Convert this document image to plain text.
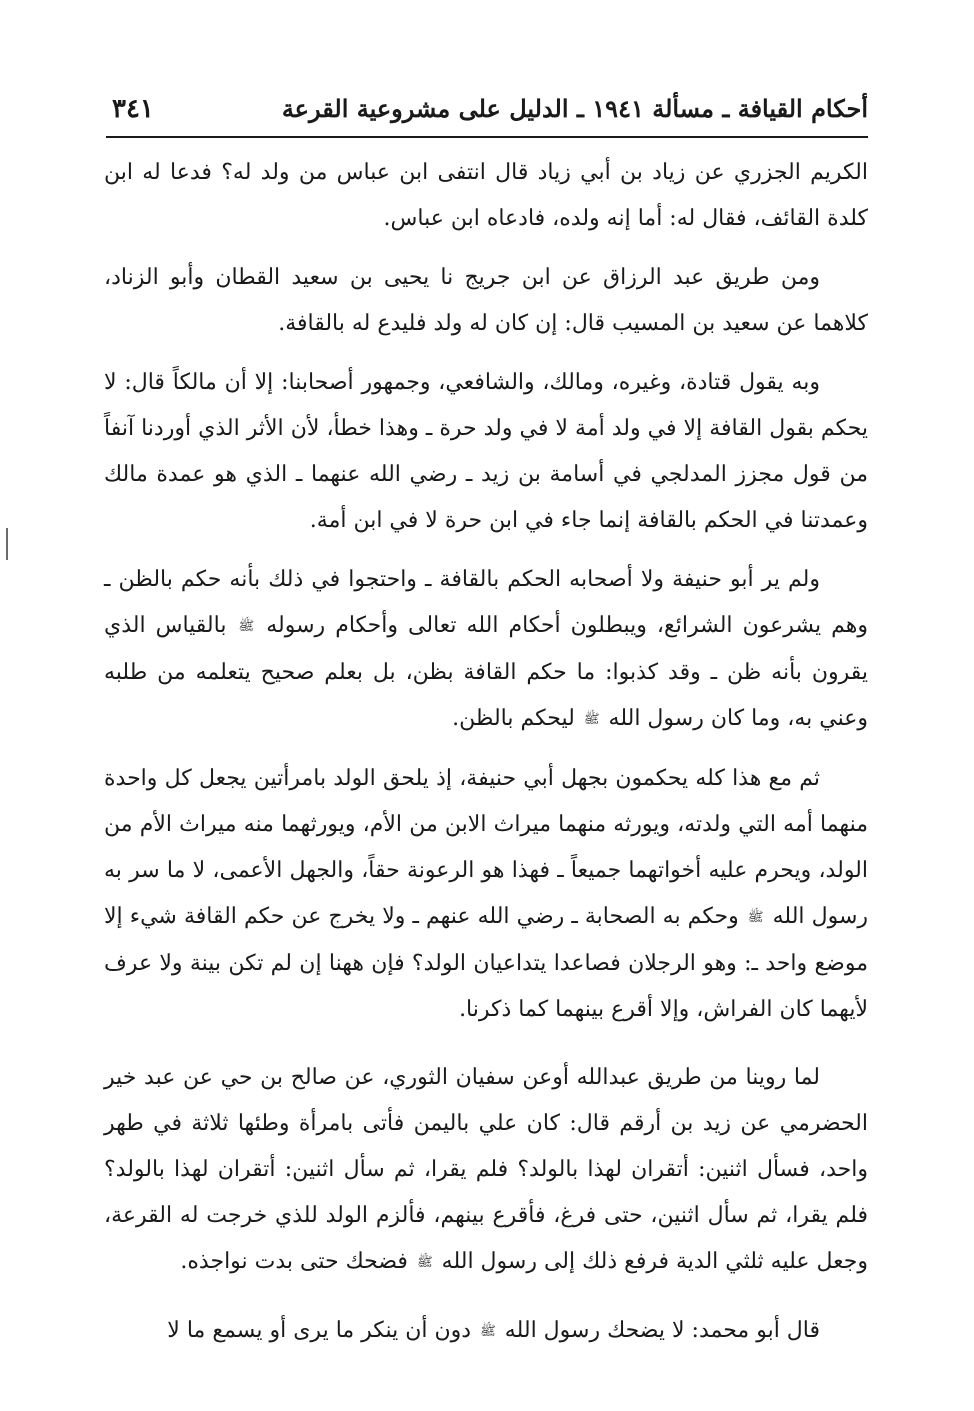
أحكام القيافة ـ مسألة ١٩٤١ ـ الدليل على مشروعية القرعة
٣٤١

الكريم الجزري عن زياد بن أبي زياد قال انتفى ابن عباس من ولد له؟ فدعا له ابن كلدة القائف، فقال له: أما إنه ولده، فادعاه ابن عباس.

ومن طريق عبد الرزاق عن ابن جريج نا يحيى بن سعيد القطان وأبو الزناد، كلاهما عن سعيد بن المسيب قال: إن كان له ولد فليدع له بالقافة.

وبه يقول قتادة، وغيره، ومالك، والشافعي، وجمهور أصحابنا: إلا أن مالكاً قال: لا يحكم بقول القافة إلا في ولد أمة لا في ولد حرة ـ وهذا خطأ، لأن الأثر الذي أوردنا آنفاً من قول مجزز المدلجي في أسامة بن زيد ـ رضي الله عنهما ـ الذي هو عمدة مالك وعمدتنا في الحكم بالقافة إنما جاء في ابن حرة لا في ابن أمة.

ولم ير أبو حنيفة ولا أصحابه الحكم بالقافة ـ واحتجوا في ذلك بأنه حكم بالظن ـ وهم يشرعون الشرائع، ويبطلون أحكام الله تعالى وأحكام رسوله ﷺ بالقياس الذي يقرون بأنه ظن ـ وقد كذبوا: ما حكم القافة بظن، بل بعلم صحيح يتعلمه من طلبه وعني به، وما كان رسول الله ﷺ ليحكم بالظن.

ثم مع هذا كله يحكمون بجهل أبي حنيفة، إذ يلحق الولد بامرأتين يجعل كل واحدة منهما أمه التي ولدته، ويورثه منهما ميراث الابن من الأم، ويورثهما منه ميراث الأم من الولد، ويحرم عليه أخواتهما جميعاً ـ فهذا هو الرعونة حقاً، والجهل الأعمى، لا ما سر به رسول الله ﷺ وحكم به الصحابة ـ رضي الله عنهم ـ ولا يخرج عن حكم القافة شيء إلا موضع واحد ـ: وهو الرجلان فصاعدا يتداعيان الولد؟ فإن ههنا إن لم تكن بينة ولا عرف لأيهما كان الفراش، وإلا أقرع بينهما كما ذكرنا.

لما روينا من طريق عبدالله أوعن سفيان الثوري، عن صالح بن حي عن عبد خير الحضرمي عن زيد بن أرقم قال: كان علي باليمن فأتى بامرأة وطئها ثلاثة في طهر واحد، فسأل اثنين: أتقران لهذا بالولد؟ فلم يقرا، ثم سأل اثنين: أتقران لهذا بالولد؟ فلم يقرا، ثم سأل اثنين، حتى فرغ، فأقرع بينهم، فألزم الولد للذي خرجت له القرعة، وجعل عليه ثلثي الدية فرفع ذلك إلى رسول الله ﷺ فضحك حتى بدت نواجذه.

قال أبو محمد: لا يضحك رسول الله ﷺ دون أن ينكر ما يرى أو يسمع ما لا
